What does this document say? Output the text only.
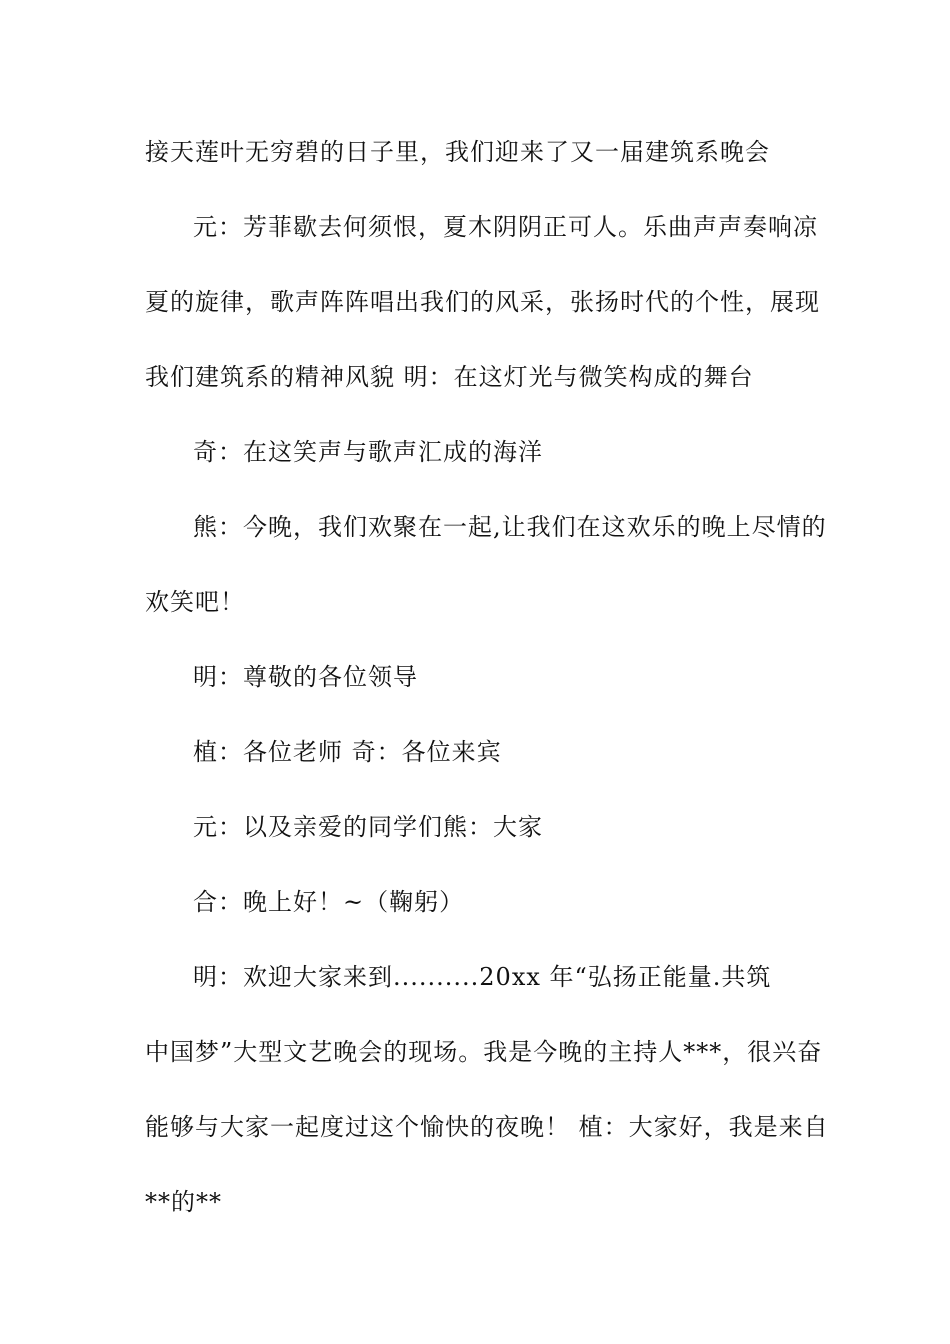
接天莲叶无穷碧的日子里，我们迎来了又一届建筑系晚会
元：芳菲歇去何须恨，夏木阴阴正可人。乐曲声声奏响凉
夏的旋律，歌声阵阵唱出我们的风采，张扬时代的个性，展现
我们建筑系的精神风貌 明：在这灯光与微笑构成的舞台
奇：在这笑声与歌声汇成的海洋
熊：今晚，我们欢聚在一起,让我们在这欢乐的晚上尽情的
欢笑吧！
明：尊敬的各位领导
植：各位老师 奇：各位来宾
元：以及亲爱的同学们熊：大家
合：晚上好！~（鞠躬）
明：欢迎大家来到..........20xx 年“弘扬正能量.共筑
中国梦”大型文艺晚会的现场。我是今晚的主持人***，很兴奋
能够与大家一起度过这个愉快的夜晚！ 植：大家好，我是来自
**的**
